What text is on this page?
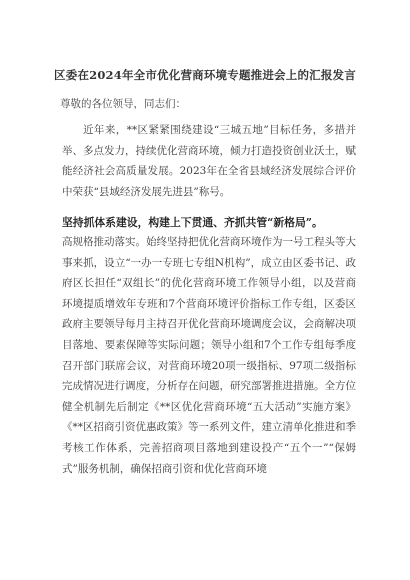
区委在2024年全市优化营商环境专题推进会上的汇报发言
尊敬的各位领导，同志们：
近年来，**区紧紧围绕建设“三城五地”目标任务，多措并举、多点发力，持续优化营商环境，倾力打造投资创业沃土，赋能经济社会高质量发展。2023年在全省县域经济发展综合评价中荣获“县域经济发展先进县”称号。
坚持抓体系建设，构建上下贯通、齐抓共管“新格局”。
高规格推动落实。始终坚持把优化营商环境作为一号工程头等大事来抓，设立“一办一专班七专组N机构”，成立由区委书记、政府区长担任“双组长”的优化营商环境工作领导小组，以及营商环境提质增效年专班和7个营商环境评价指标工作专组，区委区政府主要领导每月主持召开优化营商环境调度会议，会商解决项目落地、要素保障等实际问题；领导小组和7个工作专组每季度召开部门联席会议，对营商环境20项一级指标、97项二级指标完成情况进行调度，分析存在问题，研究部署推进措施。全方位健全机制先后制定《**区优化营商环境“五大活动”实施方案》《**区招商引资优惠政策》等一系列文件，建立清单化推进和季考核工作体系，完善招商项目落地到建设投产“五个一”“保姆式”服务机制，确保招商引资和优化营商环境
